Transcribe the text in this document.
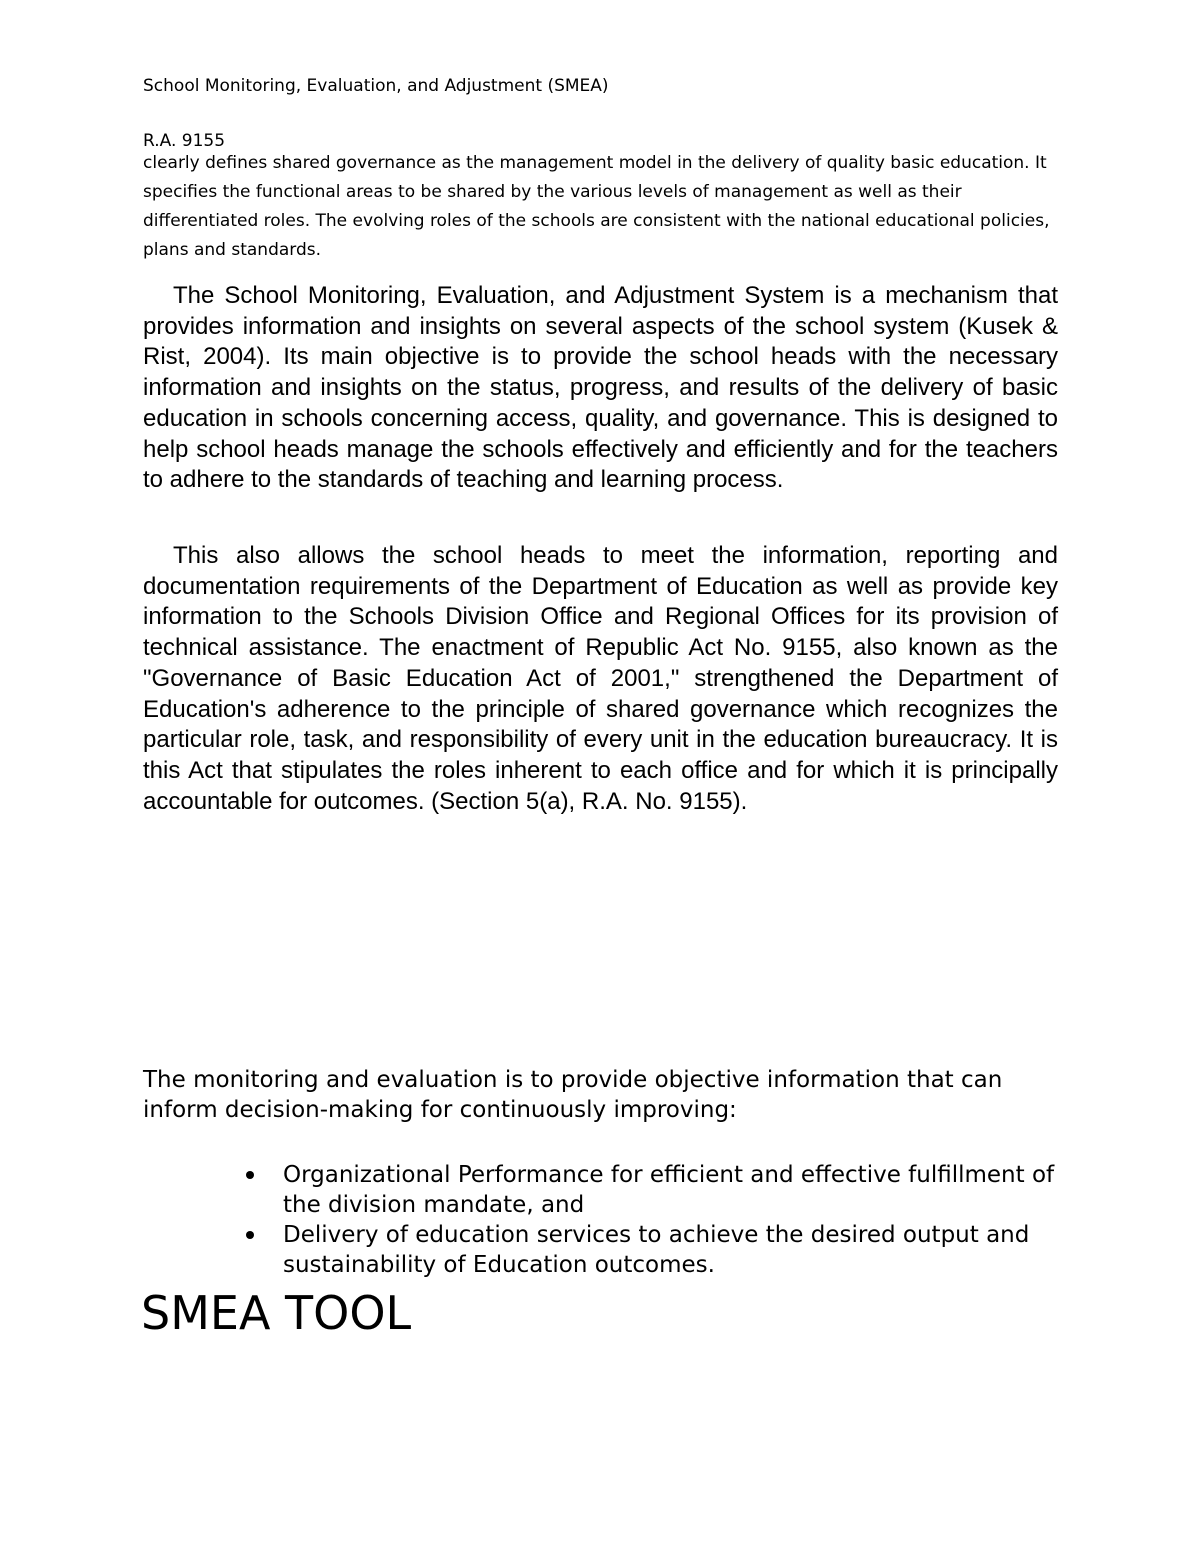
School Monitoring, Evaluation, and Adjustment (SMEA)

R.A. 9155

clearly defines shared governance as the management model in the delivery of quality basic education. It specifies the functional areas to be shared by the various levels of management as well as their differentiated roles. The evolving roles of the schools are consistent with the national educational policies, plans and standards.

The School Monitoring, Evaluation, and Adjustment System is a mechanism that provides information and insights on several aspects of the school system (Kusek & Rist, 2004). Its main objective is to provide the school heads with the necessary information and insights on the status, progress, and results of the delivery of basic education in schools concerning access, quality, and governance. This is designed to help school heads manage the schools effectively and efficiently and for the teachers to adhere to the standards of teaching and learning process.

This also allows the school heads to meet the information, reporting and documentation requirements of the Department of Education as well as provide key information to the Schools Division Office and Regional Offices for its provision of technical assistance. The enactment of Republic Act No. 9155, also known as the "Governance of Basic Education Act of 2001," strengthened the Department of Education's adherence to the principle of shared governance which recognizes the particular role, task, and responsibility of every unit in the education bureaucracy. It is this Act that stipulates the roles inherent to each office and for which it is principally accountable for outcomes. (Section 5(a), R.A. No. 9155).

The monitoring and evaluation is to provide objective information that can inform decision-making for continuously improving:

Organizational Performance for efficient and effective fulfillment of the division mandate, and
Delivery of education services to achieve the desired output and sustainability of Education outcomes.
SMEA TOOL
